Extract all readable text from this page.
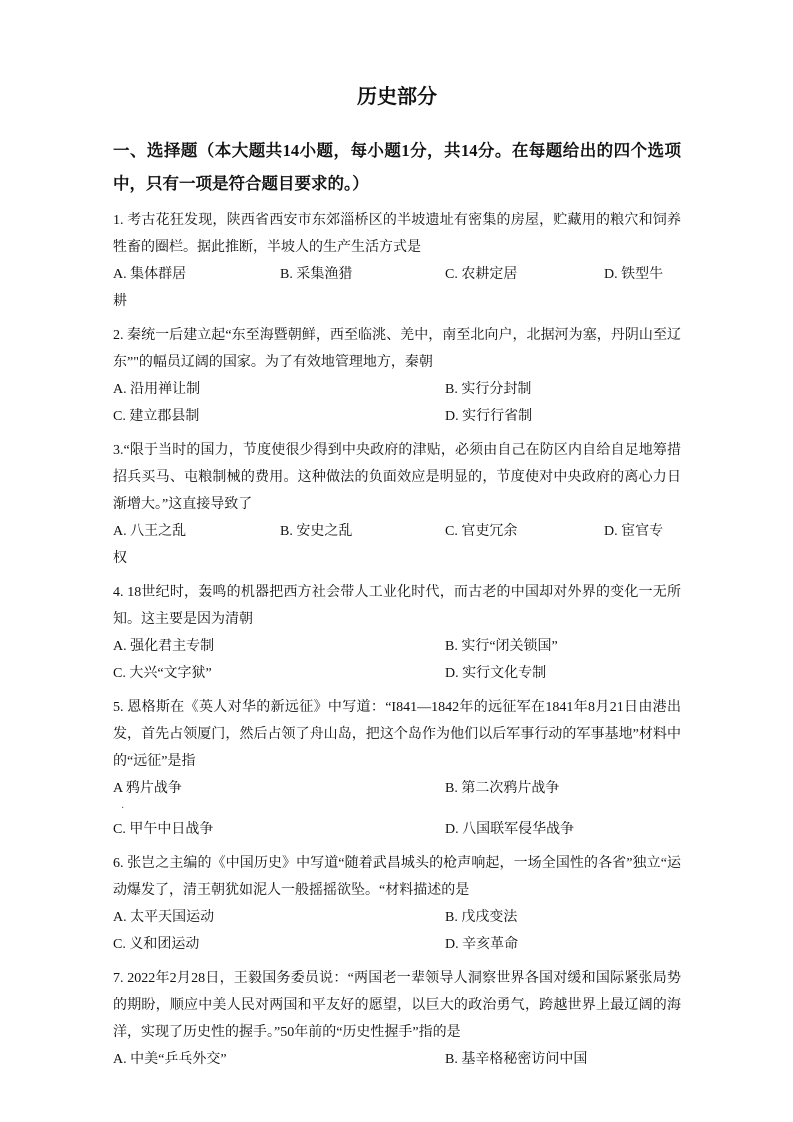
历史部分

一、选择题（本大题共14小题，每小题1分，共14分。在每题给出的四个选项中，只有一项是符合题目要求的。）

1. 考古花狂发现，陕西省西安市东郊淄桥区的半坡遗址有密集的房屋，贮藏用的粮穴和饲养牲畜的圈栏。据此推断，半坡人的生产生活方式是

A. 集体群居	B. 采集渔猎	C. 农耕定居	D. 铁型牛

耕

2. 秦统一后建立起“东至海暨朝鲜，西至临洮、羌中，南至北向户，北据河为塞，丹阴山至辽东”"的幅员辽阔的国家。为了有效地管理地方，秦朝

A. 沿用禅让制	B. 实行分封制
C. 建立郡县制	D. 实行行省制

3.“限于当时的国力，节度使很少得到中央政府的津贴，必须由自己在防区内自给自足地筹措招兵买马、屯粮制械的费用。这种做法的负面效应是明显的，节度使对中央政府的离心力日渐增大。”这直接导致了

A. 八王之乱	B. 安史之乱	C. 官吏冗余	D. 宦官专

权

4. 18世纪时，轰鸣的机器把西方社会带人工业化时代，而古老的中国却对外界的变化一无所知。这主要是因为清朝

A. 强化君主专制	B. 实行“闭关锁国”
C. 大兴“文字狱”	D. 实行文化专制

5. 恩格斯在《英人对华的新远征》中写道：“I841—1842年的远征军在1841年8月21日由港出发，首先占领厦门，然后占领了舟山岛，把这个岛作为他们以后军事行动的军事基地”材料中的“远征”是指

A 鸦片战争	B. 第二次鸦片战争

·

C. 甲午中日战争	D. 八国联军侵华战争

6. 张岂之主编的《中国历史》中写道“随着武昌城头的枪声响起，一场全国性的各省”独立“运动爆发了，清王朝犹如泥人一般摇摇欲坠。“材料描述的是

A. 太平天国运动	B. 戊戌变法
C. 义和团运动	D. 辛亥革命

7. 2022年2月28日，王毅国务委员说：“两国老一辈领导人洞察世界各国对缓和国际紧张局势的期盼，顺应中美人民对两国和平友好的愿望，以巨大的政治勇气，跨越世界上最辽阔的海洋，实现了历史性的握手。”50年前的“历史性握手”指的是

A. 中美“乒乓外交”	B. 基辛格秘密访问中国
